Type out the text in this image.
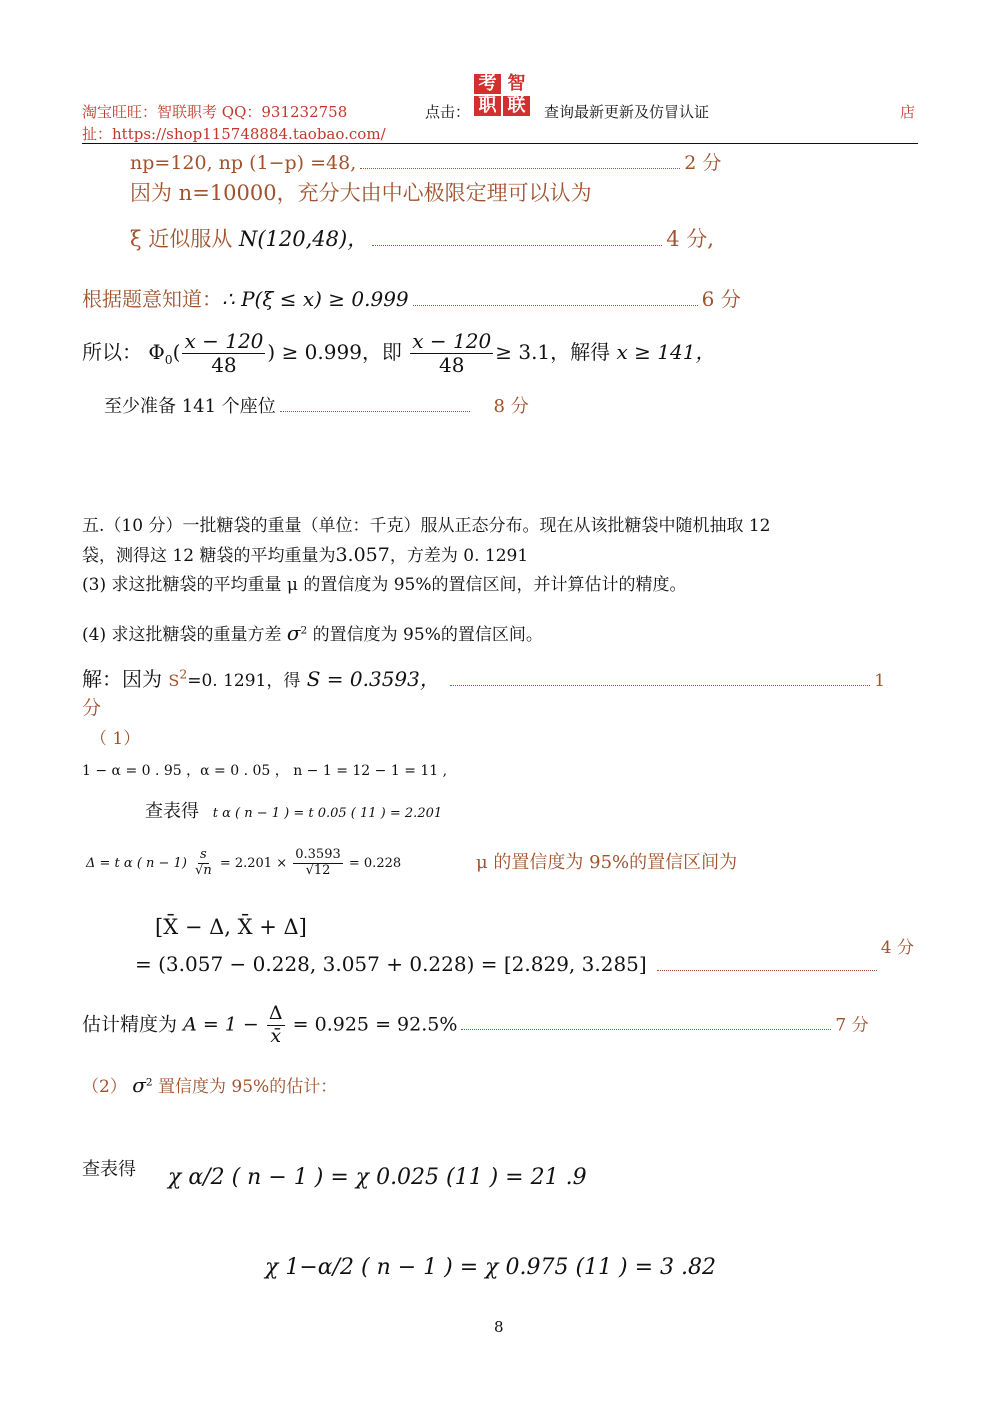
淘宝旺旺：智联职考 QQ：931232758
扯：https://shop115748884.taobao.com/
点击：
考 智
职 联	查询最新更新及仿冒认证	店
np=120, np (1−p) =48,	2 分
因为 n=10000，充分大由中心极限定理可以认为
ξ 近似服从 N(120,48)，	4 分,
根据题意知道：∴ P(ξ ≤ x) ≥ 0.999	6 分
所以： $\Phi_0( \frac{x - 120}{48}$ ) ≥ 0.999，即 $\frac{x - 120}{48} \ge 3.1$，解得 x ≥ 141，
至少准备 141 个座位	8 分
五.（10 分）一批糖袋的重量（单位：千克）服从正态分布。现在从该批糖袋中随机抽取 12
袋，测得这 12 糖袋的平均重量为3.057，方差为 0. 1291
(3) 求这批糖袋的平均重量 μ 的置信度为 95%的置信区间，并计算估计的精度。
(4) 求这批糖袋的重量方差 $\sigma^2$ 的置信度为 95%的置信区间。
解：因为 $S^2=0$. 1291，得 S = 0.3593，	1
分
（ 1）
1 − α = 0 . 95 ，α = 0 . 05 ， n − 1 = 12 − 1 = 11 ,
查表得 t α ( n − 1 ) = t 0.05 ( 11 ) = 2.201
Δ = t α ( $n - 1) \frac{s}{√n} = 2.201 \times \frac{0.3593}{√12} = 0.228$	μ 的置信度为 95%的置信区间为
[X̄ − Δ, X̄ + Δ]
= (3.057 − 0.228, 3.057 + 0.228) = [2.829, 3.285]$^{4 分}$
估计精度为 $A = 1 - \frac{\Delta}{x̄} = 0.925 = 92.5\%$	7 分
（2） $\sigma^2$ 置信度为 95%的估计：
查表得 χ α/2 ( n − 1 ) = χ 0.025 (11 ) = 21 .9
χ 1−α/2 ( n − 1 ) = χ 0.975 (11 ) = 3 .82
8
